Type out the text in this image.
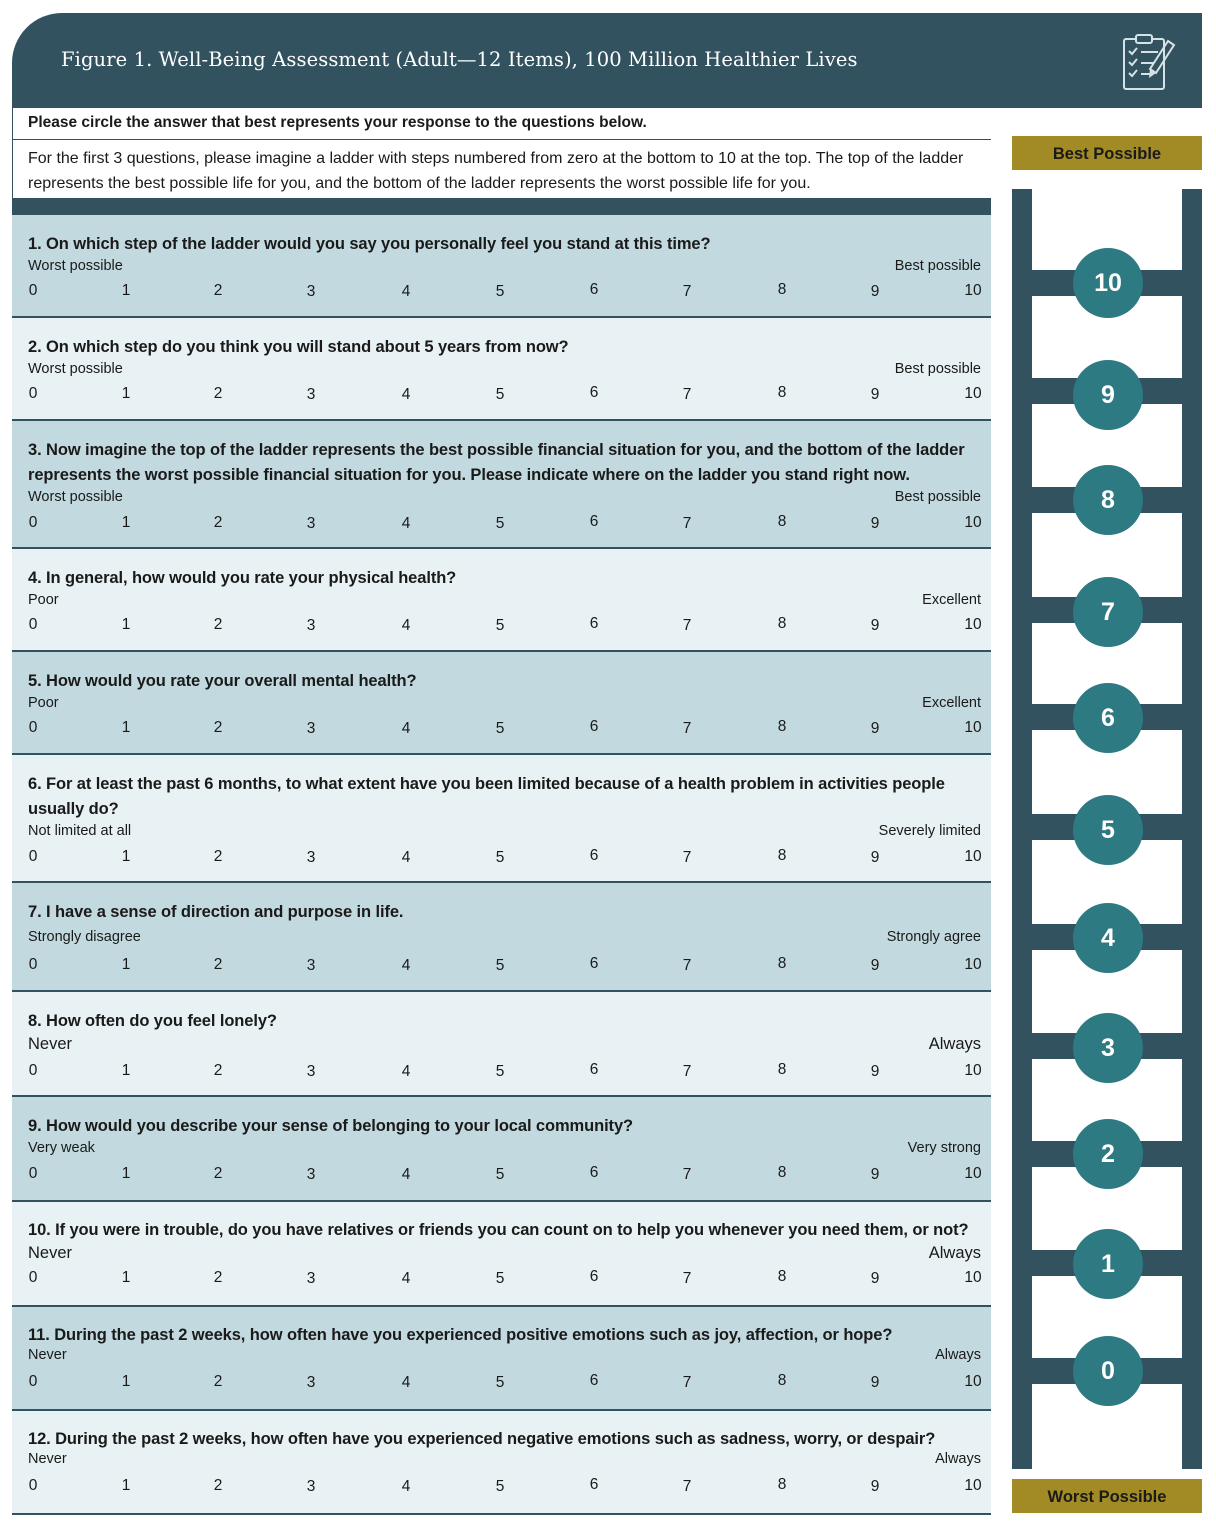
Figure 1. Well-Being Assessment (Adult—12 Items), 100 Million Healthier Lives
Please circle the answer that best represents your response to the questions below.
For the first 3 questions, please imagine a ladder with steps numbered from zero at the bottom to 10 at the top. The top of the ladder represents the best possible life for you, and the bottom of the ladder represents the worst possible life for you.
1. On which step of the ladder would you say you personally feel you stand at this time?
Worst possible	Best possible
0	1	2	3	4	5	6	7	8	9	10
2. On which step do you think you will stand about 5 years from now?
Worst possible	Best possible
0	1	2	3	4	5	6	7	8	9	10
3. Now imagine the top of the ladder represents the best possible financial situation for you, and the bottom of the ladder represents the worst possible financial situation for you. Please indicate where on the ladder you stand right now.
Worst possible	Best possible
0	1	2	3	4	5	6	7	8	9	10
4. In general, how would you rate your physical health?
Poor	Excellent
0	1	2	3	4	5	6	7	8	9	10
5. How would you rate your overall mental health?
Poor	Excellent
0	1	2	3	4	5	6	7	8	9	10
6. For at least the past 6 months, to what extent have you been limited because of a health problem in activities people usually do?
Not limited at all	Severely limited
0	1	2	3	4	5	6	7	8	9	10
7. I have a sense of direction and purpose in life.
Strongly disagree	Strongly agree
0	1	2	3	4	5	6	7	8	9	10
8. How often do you feel lonely?
Never	Always
0	1	2	3	4	5	6	7	8	9	10
9. How would you describe your sense of belonging to your local community?
Very weak	Very strong
0	1	2	3	4	5	6	7	8	9	10
10. If you were in trouble, do you have relatives or friends you can count on to help you whenever you need them, or not?
Never	Always
0	1	2	3	4	5	6	7	8	9	10
11. During the past 2 weeks, how often have you experienced positive emotions such as joy, affection, or hope?
Never	Always
0	1	2	3	4	5	6	7	8	9	10
12. During the past 2 weeks, how often have you experienced negative emotions such as sadness, worry, or despair?
Never	Always
0	1	2	3	4	5	6	7	8	9	10
Best Possible
10
9
8
7
6
5
4
3
2
1
0
Worst Possible
